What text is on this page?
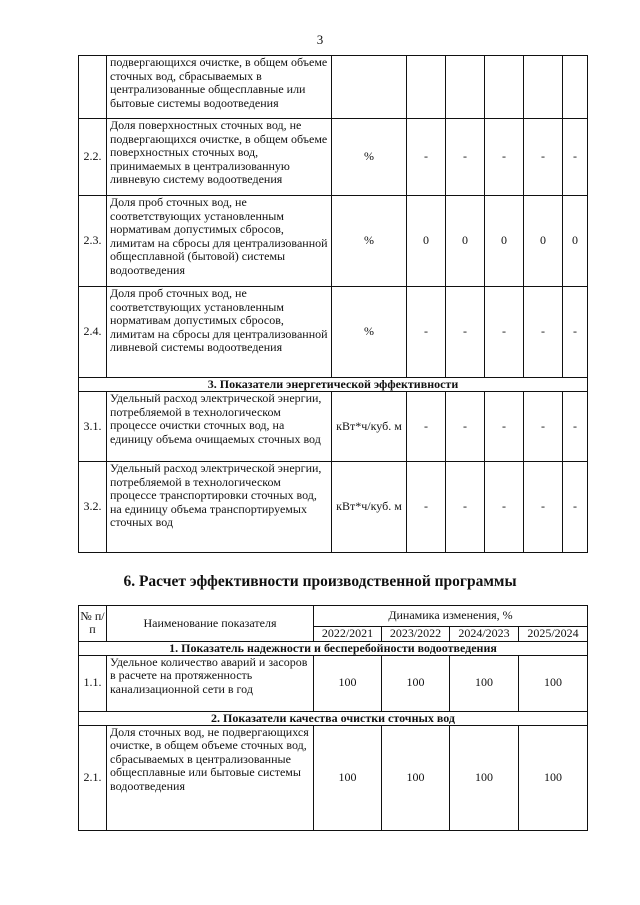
3
	подвергающихся очистке, в общем объеме сточных вод, сбрасываемых в централизованные общесплавные или бытовые системы водоотведения						
2.2.	Доля поверхностных сточных вод, не подвергающихся очистке, в общем объеме поверхностных сточных вод, принимаемых в централизованную ливневую систему водоотведения	%	-	-	-	-	-
2.3.	Доля проб сточных вод, не соответствующих установленным нормативам допустимых сбросов, лимитам на сбросы для централизованной общесплавной (бытовой) системы водоотведения	%	0	0	0	0	0
2.4.	Доля проб сточных вод, не соответствующих установленным нормативам допустимых сбросов, лимитам на сбросы для централизованной ливневой системы водоотведения	%	-	-	-	-	-
3. Показатели энергетической эффективности							
3.1.	Удельный расход электрической энергии, потребляемой в технологическом процессе очистки сточных вод, на единицу объема очищаемых сточных вод	кВт*ч/куб. м	-	-	-	-	-
3.2.	Удельный расход электрической энергии, потребляемой в технологическом процессе транспортировки сточных вод, на единицу объема транспортируемых сточных вод	кВт*ч/куб. м	-	-	-	-	-
6. Расчет эффективности производственной программы
№ п/п	Наименование показателя	Динамика изменения, %			
		2022/2021	2023/2022	2024/2023	2025/2024
1. Показатель надежности и бесперебойности водоотведения					
1.1.	Удельное количество аварий и засоров в расчете на протяженность канализационной сети в год	100	100	100	100
2. Показатели качества очистки сточных вод					
2.1.	Доля сточных вод, не подвергающихся очистке, в общем объеме сточных вод, сбрасываемых в централизованные общесплавные или бытовые системы водоотведения	100	100	100	100
